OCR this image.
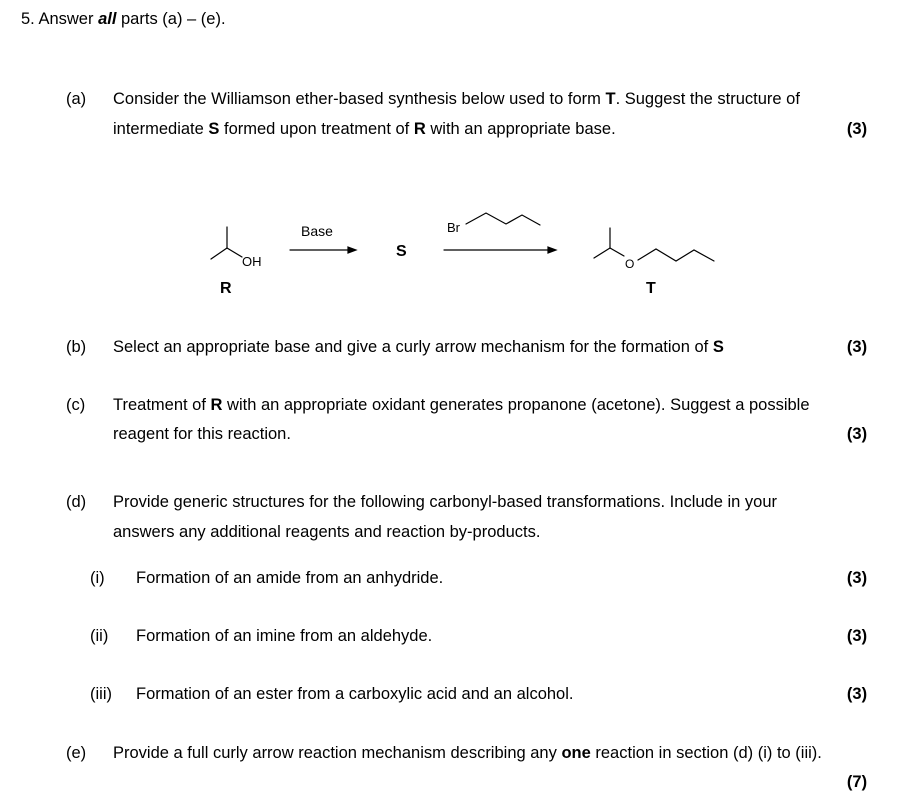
5. Answer all parts (a) – (e).
(a) Consider the Williamson ether-based synthesis below used to form T. Suggest the structure of
intermediate S formed upon treatment of R with an appropriate base.	(3)
OH
R
Base
S
Br
O
T
(b) Select an appropriate base and give a curly arrow mechanism for the formation of S	(3)
(c) Treatment of R with an appropriate oxidant generates propanone (acetone). Suggest a possible
reagent for this reaction.	(3)
(d) Provide generic structures for the following carbonyl-based transformations. Include in your
answers any additional reagents and reaction by-products.
(i) Formation of an amide from an anhydride.	(3)
(ii) Formation of an imine from an aldehyde.	(3)
(iii) Formation of an ester from a carboxylic acid and an alcohol.	(3)
(e) Provide a full curly arrow reaction mechanism describing any one reaction in section (d) (i) to (iii).
(7)
